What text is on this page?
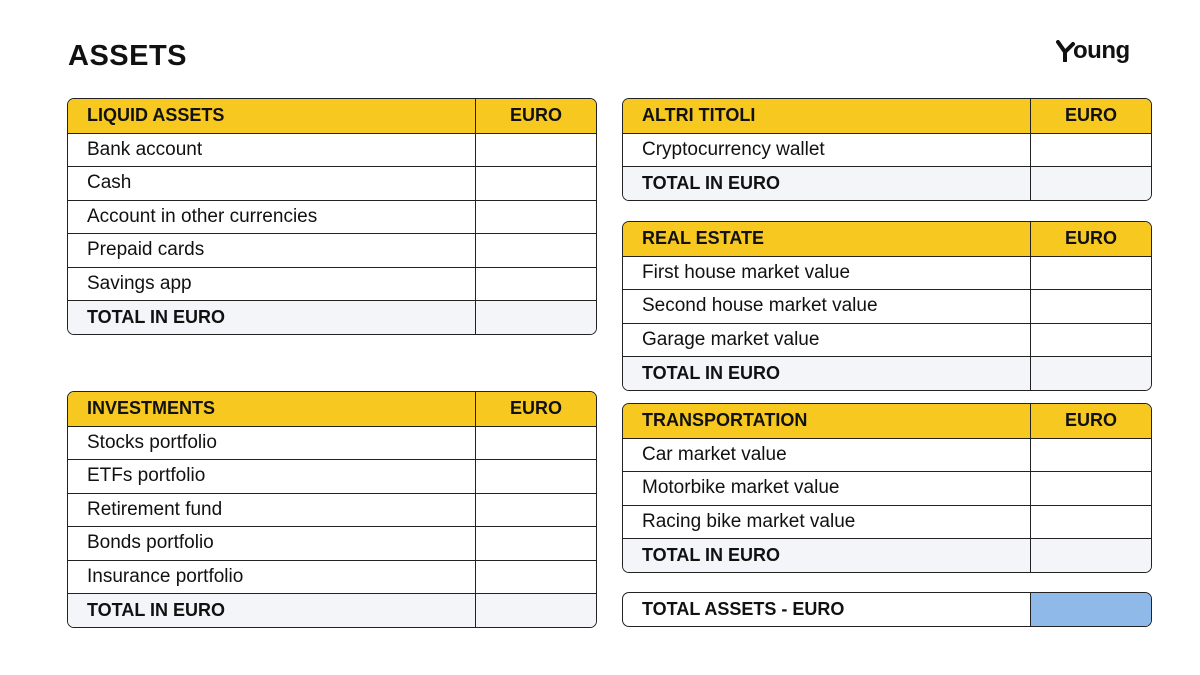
ASSETS	oung
LIQUID ASSETS	EURO
Bank account
Cash
Account in other currencies
Prepaid cards
Savings app
TOTAL IN EURO
INVESTMENTS	EURO
Stocks portfolio
ETFs portfolio
Retirement fund
Bonds portfolio
Insurance portfolio
TOTAL IN EURO
ALTRI TITOLI	EURO
Cryptocurrency wallet
TOTAL IN EURO
REAL ESTATE	EURO
First house market value
Second house market value
Garage market value
TOTAL IN EURO
TRANSPORTATION	EURO
Car market value
Motorbike market value
Racing bike market value
TOTAL IN EURO
TOTAL ASSETS - EURO
